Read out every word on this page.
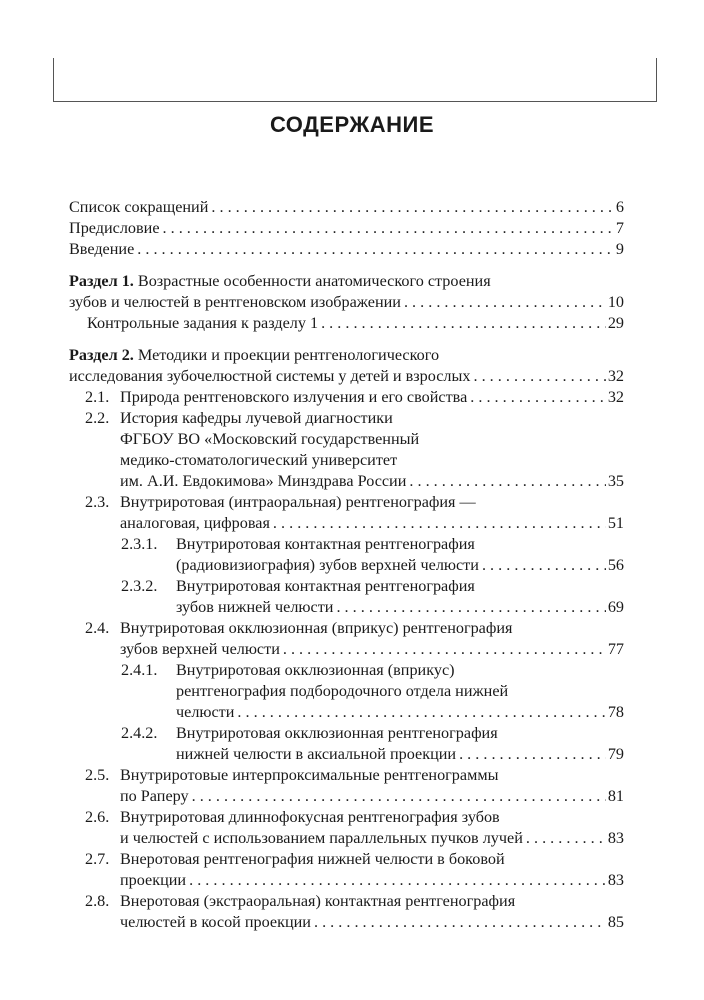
СОДЕРЖАНИЕ
Список сокращений . . .	6
Предисловие . . .	7
Введение . . .	9
Раздел 1. Возрастные особенности анатомического строения
зубов и челюстей в рентгеновском изображении . . .	10
Контрольные задания к разделу 1 . . .	29
Раздел 2. Методики и проекции рентгенологического
исследования зубочелюстной системы у детей и взрослых . . .	32
2.1. Природа рентгеновского излучения и его свойства . . .	32
2.2. История кафедры лучевой диагностики
ФГБОУ ВО «Московский государственный
медико-стоматологический университет
им. А.И. Евдокимова» Минздрава России . . .	35
2.3. Внутриротовая (интраоральная) рентгенография —
аналоговая, цифровая . . .	51
2.3.1. Внутриротовая контактная рентгенография
(радиовизиография) зубов верхней челюсти . . .	56
2.3.2. Внутриротовая контактная рентгенография
зубов нижней челюсти . . .	69
2.4. Внутриротовая окклюзионная (вприкус) рентгенография
зубов верхней челюсти . . .	77
2.4.1. Внутриротовая окклюзионная (вприкус)
рентгенография подбородочного отдела нижней
челюсти . . .	78
2.4.2. Внутриротовая окклюзионная рентгенография
нижней челюсти в аксиальной проекции . . .	79
2.5. Внутриротовые интерпроксимальные рентгенограммы
по Раперу . . .	81
2.6. Внутриротовая длиннофокусная рентгенография зубов
и челюстей с использованием параллельных пучков лучей . . .	83
2.7. Внеротовая рентгенография нижней челюсти в боковой
проекции . . .	83
2.8. Внеротовая (экстраоральная) контактная рентгенография
челюстей в косой проекции . . .	85
